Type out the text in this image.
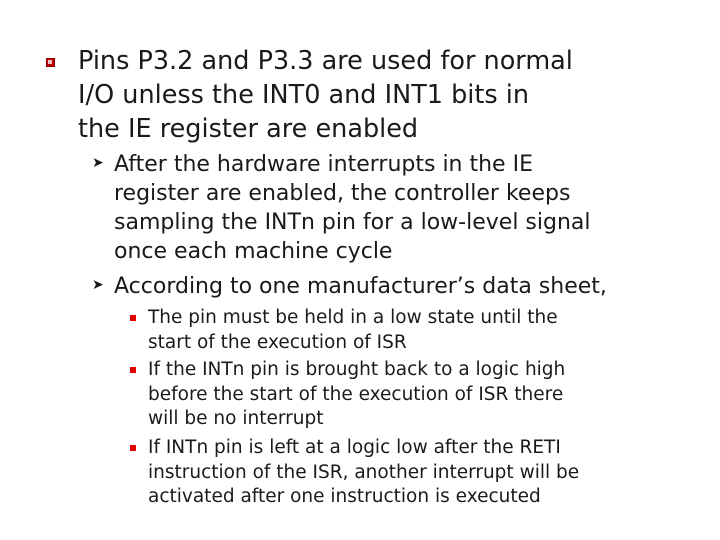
Pins P3.2 and P3.3 are used for normal
I/O unless the INT0 and INT1 bits in
the IE register are enabled
➤ After the hardware interrupts in the IE
register are enabled, the controller keeps
sampling the INTn pin for a low-level signal
once each machine cycle
➤ According to one manufacturer’s data sheet,
The pin must be held in a low state until the
start of the execution of ISR
If the INTn pin is brought back to a logic high
before the start of the execution of ISR there
will be no interrupt
If INTn pin is left at a logic low after the RETI
instruction of the ISR, another interrupt will be
activated after one instruction is executed
